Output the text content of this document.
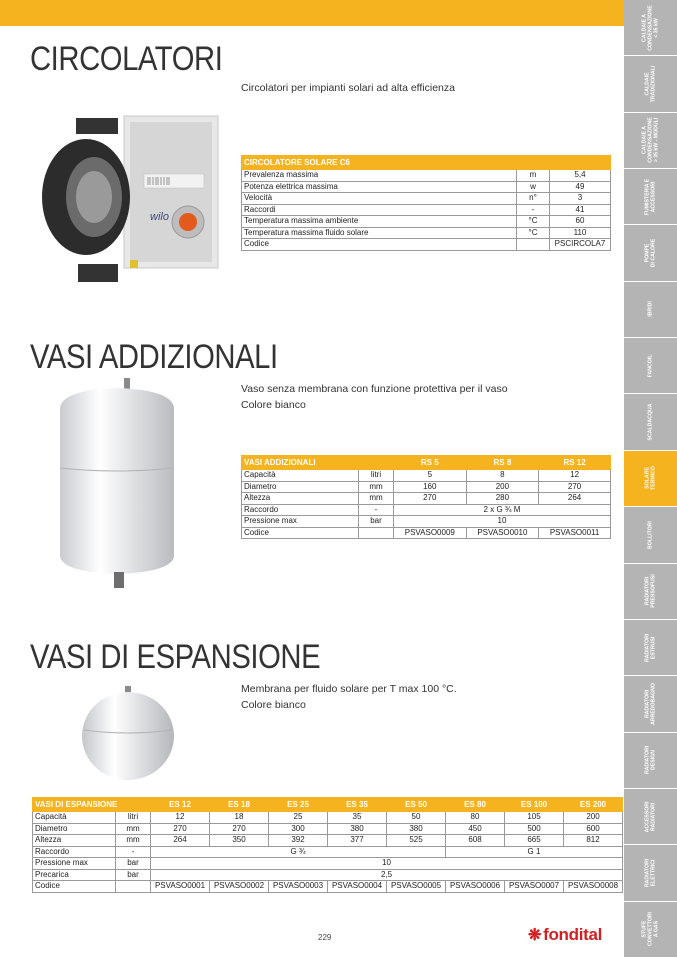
CALDAIE A
CONDENSAZIONE
< 35 kW
CALDAIE
TRADIZIONALI
CALDAIE A
CONDENSAZIONE
> 35 kW - MODULI
FUMISTERIA E
ACCESSORI
POMPE
DI CALORE
IBRIDI
FANCOIL
SCALDACQUA
SOLARE
TERMICO
BOLLITORI
RADIATORI
PRESSOFUSI
RADIATORI
ESTRUSI
RADIATORI
ARREDOBAGNO
RADIATORI
DESIGN
ACCESSORI
RADIATORI
RADIATORI
ELETTRICI
STUFE
CONVETTORI
A GAS
CIRCOLATORI
Circolatori per impianti solari ad alta efficienza
wilo
CIRCOLATORE SOLARE C6		
Prevalenza massima	m	5,4
Potenza elettrica massima	w	49
Velocità	n°	3
Raccordi	-	41
Temperatura massima ambiente	°C	60
Temperatura massima fluido solare	°C	110
Codice		PSCIRCOLA7
VASI ADDIZIONALI
Vaso senza membrana con funzione protettiva per il vaso
Colore bianco
VASI ADDIZIONALI		RS 5	RS 8	RS 12
Capacità	litri	5	8	12
Diametro	mm	160	200	270
Altezza	mm	270	280	264
Raccordo	-	2 x G ¾ M		
Pressione max	bar	10		
Codice		PSVASO0009	PSVASO0010	PSVASO0011
VASI DI ESPANSIONE
Membrana per fluido solare per T max 100 °C.
Colore bianco
VASI DI ESPANSIONE		ES 12	ES 18	ES 25	ES 35	ES 50	ES 80	ES 100	ES 200
Capacità	litri	12	18	25	35	50	80	105	200
Diametro	mm	270	270	300	380	380	450	500	600
Altezza	mm	264	350	392	377	525	608	665	812
Raccordo	-	G ¾					G 1		
Pressione max	bar	10							
Precarica	bar	2,5							
Codice		PSVASO0001	PSVASO0002	PSVASO0003	PSVASO0004	PSVASO0005	PSVASO0006	PSVASO0007	PSVASO0008
229	❋ fondital
